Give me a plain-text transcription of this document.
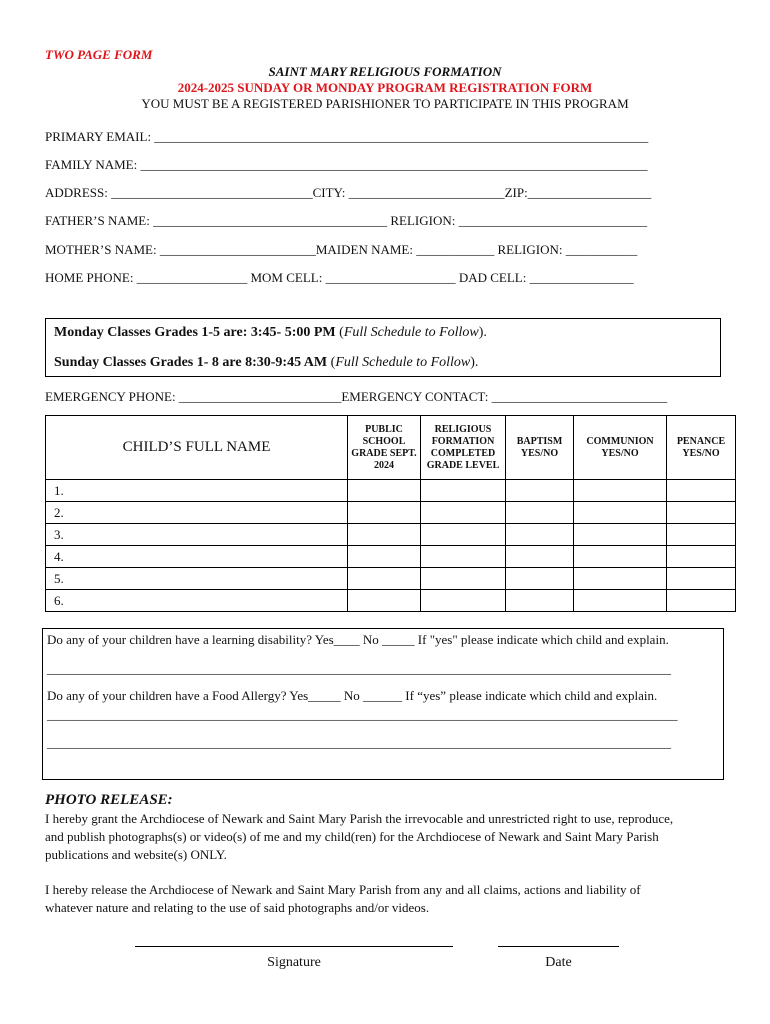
TWO PAGE FORM
SAINT MARY RELIGIOUS FORMATION
2024-2025 SUNDAY OR MONDAY PROGRAM REGISTRATION FORM
YOU MUST BE A REGISTERED PARISHIONER TO PARTICIPATE IN THIS PROGRAM
PRIMARY EMAIL: ____________________________________________________________________________
FAMILY NAME: ______________________________________________________________________________
ADDRESS: _______________________________CITY: ________________________ZIP:___________________
FATHER’S NAME: ____________________________________ RELIGION: _____________________________
MOTHER’S NAME: ________________________MAIDEN NAME: ____________ RELIGION: ___________
HOME PHONE: _________________ MOM CELL: ____________________ DAD CELL: ________________
Monday Classes Grades 1-5 are: 3:45- 5:00 PM (Full Schedule to Follow).
Sunday Classes Grades 1- 8 are 8:30-9:45 AM (Full Schedule to Follow).
EMERGENCY PHONE: _________________________EMERGENCY CONTACT: ___________________________
CHILD’S FULL NAME	PUBLIC SCHOOL GRADE SEPT. 2024	RELIGIOUS FORMATION COMPLETED GRADE LEVEL	BAPTISM YES/NO	COMMUNION YES/NO	PENANCE YES/NO
1.					
2.					
3.					
4.					
5.					
6.					
Do any of your children have a learning disability? Yes____ No _____ If "yes" please indicate which child and explain.
________________________________________________________________________________________________
Do any of your children have a Food Allergy? Yes_____ No ______ If “yes” please indicate which child and explain.
_________________________________________________________________________________________________
________________________________________________________________________________________________
PHOTO RELEASE:
I hereby grant the Archdiocese of Newark and Saint Mary Parish the irrevocable and unrestricted right to use, reproduce,
and publish photographs(s) or video(s) of me and my child(ren) for the Archdiocese of Newark and Saint Mary Parish
publications and website(s) ONLY.
I hereby release the Archdiocese of Newark and Saint Mary Parish from any and all claims, actions and liability of
whatever nature and relating to the use of said photographs and/or videos.
Signature	Date
